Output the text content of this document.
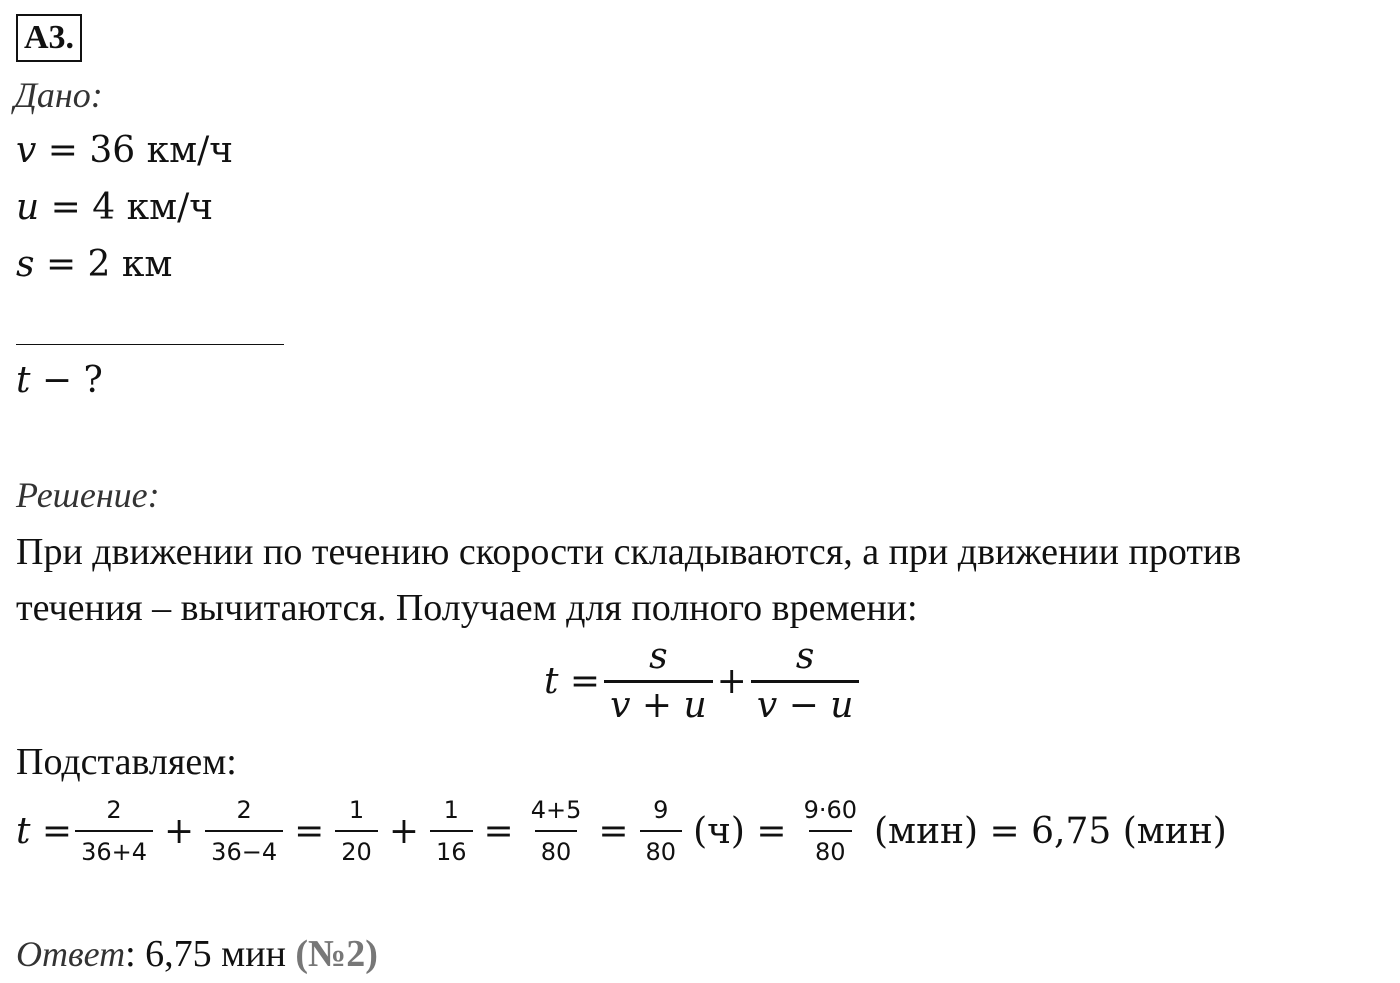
A3.
Дано:
v = 36 км/ч
u = 4 км/ч
s = 2 км
t − ?
Решение:
При движении по течению скорости складываются, а при движении против
течения – вычитаются. Получаем для полного времени:
$t = \frac{s}{v + u} + \frac{s}{v - u}$
Подставляем:
$t = \frac{2}{36+4} + \frac{2}{36-4} = \frac{1}{20} + \frac{1}{16} = \frac{4+5}{80} = \frac{9}{80} (ч) = \frac{9\cdot 60}{80} (мин) = 6,75$ (мин)
Ответ: 6,75 мин (№2)
